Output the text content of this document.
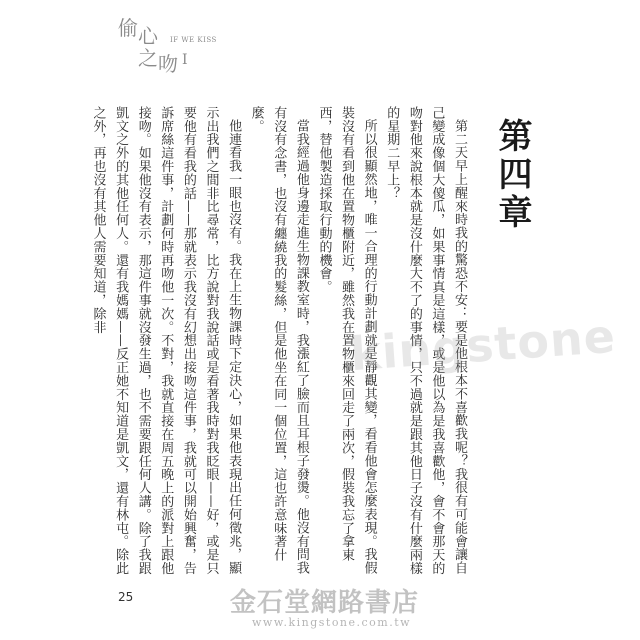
偷 心
之 吻
IF WE KISS
I
第四章

第二天早上醒來時我的驚恐不安：要是他根本不喜歡我呢？我很有可能會讓自己變成像個大傻瓜，如果事情真是這樣，或是他以為是我喜歡他，會不會那天的吻對他來說根本就是沒什麼大不了的事情，只不過就是跟其他日子沒有什麼兩樣的星期二早上？

所以很顯然地，唯一合理的行動計劃就是靜觀其變，看看他會怎麼表現。我假裝沒有看到他在置物櫃附近，雖然我在置物櫃來回走了兩次，假裝我忘了拿東西，替他製造採取行動的機會。

當我經過他身邊走進生物課教室時，我漲紅了臉而且耳根子發燙。他沒有問我有沒有念書，也沒有纏繞我的髮絲，但是他坐在同一個位置，這也許意味著什麼。

他連看我一眼也沒有。我在上生物課時下定決心，如果他表現出任何徵兆，顯示出我們之間非比尋常，比方說對我說話或是看著我時對我眨眼——好，或是只要他有看我的話——那就表示我沒有幻想出接吻這件事，我就可以開始興奮，告訴席絲這件事，計劃何時再吻他一次。不對，我就直接在周五晚上的派對上跟他接吻。如果他沒有表示，那這件事就沒發生過，也不需要跟任何人講。除了我跟凱文之外的其他任何人。還有我媽媽——反正她不知道是凱文，還有林屯。除此之外，再也沒有其他人需要知道，除非

kingstone
25	金石堂網路書店
www.kingstone.com.tw
